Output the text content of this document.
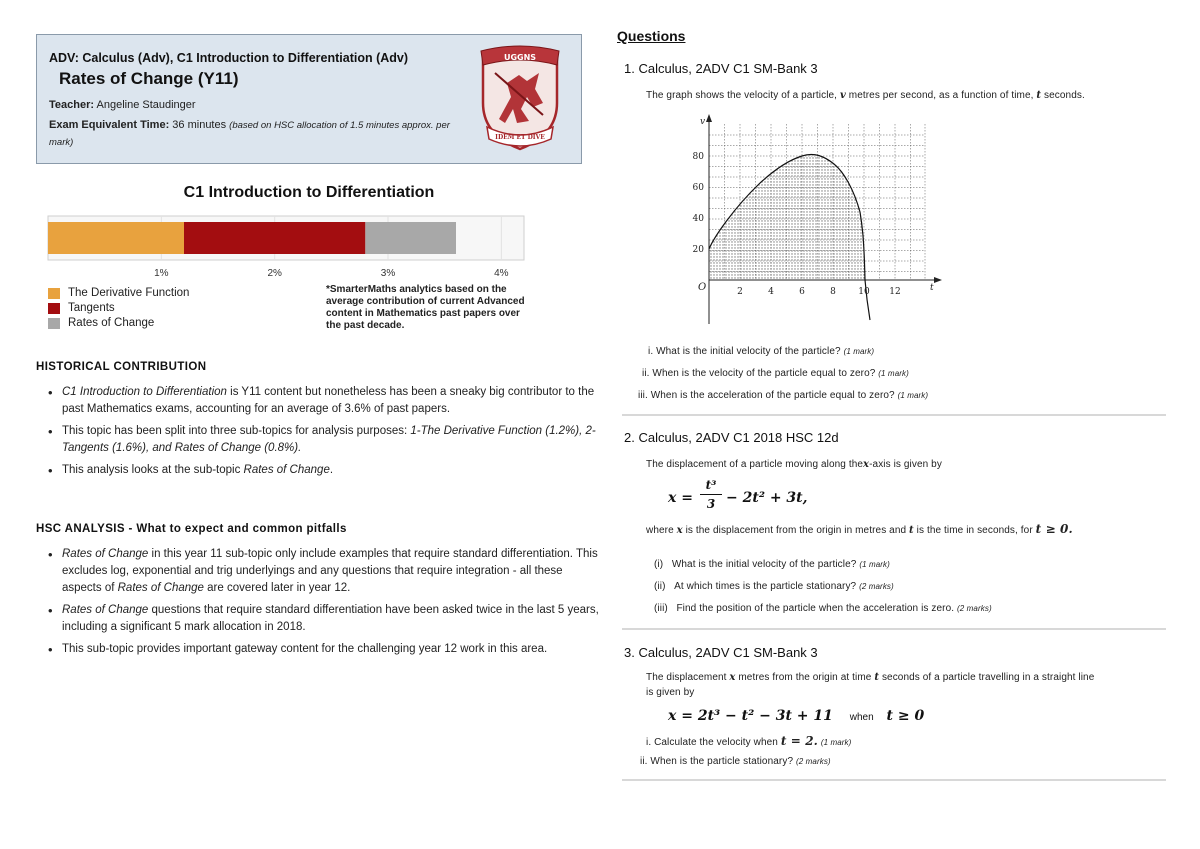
ADV: Calculus (Adv), C1 Introduction to Differentiation (Adv)
Rates of Change (Y11)
Teacher: Angeline Staudinger
Exam Equivalent Time: 36 minutes (based on HSC allocation of 1.5 minutes approx. per mark)
UGGNS
IDEM ET DIVE
C1 Introduction to Differentiation
1%	2%	3%	4%
The Derivative Function
Tangents
Rates of Change
*SmarterMaths analytics based on the average contribution of current Advanced content in Mathematics past papers over the past decade.
HISTORICAL CONTRIBUTION
• C1 Introduction to Differentiation is Y11 content but nonetheless has been a sneaky big contributor to the past Mathematics exams, accounting for an average of 3.6% of past papers.
• This topic has been split into three sub-topics for analysis purposes: 1-The Derivative Function (1.2%), 2- Tangents (1.6%), and Rates of Change (0.8%).
• This analysis looks at the sub-topic Rates of Change.
HSC ANALYSIS - What to expect and common pitfalls
• Rates of Change in this year 11 sub-topic only include examples that require standard differentiation. This excludes log, exponential and trig underlyings and any questions that require integration - all these aspects of Rates of Change are covered later in year 12.
• Rates of Change questions that require standard differentiation have been asked twice in the last 5 years, including a significant 5 mark allocation in 2018.
• This sub-topic provides important gateway content for the challenging year 12 work in this area.
Questions
1. Calculus, 2ADV C1 SM-Bank 3
The graph shows the velocity of a particle, v metres per second, as a function of time, t seconds.
v
t
O	2	4	6	8 10 12
20
40
60
80
i. What is the initial velocity of the particle? (1 mark)
ii. When is the velocity of the particle equal to zero? (1 mark)
iii. When is the acceleration of the particle equal to zero? (1 mark)
2. Calculus, 2ADV C1 2018 HSC 12d
The displacement of a particle moving along thex-axis is given by
x =
t³
3 − 2t² + 3t,
where x is the displacement from the origin in metres and t is the time in seconds, for t ≥ 0.
(i) What is the initial velocity of the particle? (1 mark)
(ii) At which times is the particle stationary? (2 marks)
(iii) Find the position of the particle when the acceleration is zero. (2 marks)
3. Calculus, 2ADV C1 SM-Bank 3
The displacement x metres from the origin at time t seconds of a particle travelling in a straight line
is given by
x = 2t³ − t² − 3t + 11 when t ≥ 0
i. Calculate the velocity when t = 2. (1 mark)
ii. When is the particle stationary? (2 marks)
